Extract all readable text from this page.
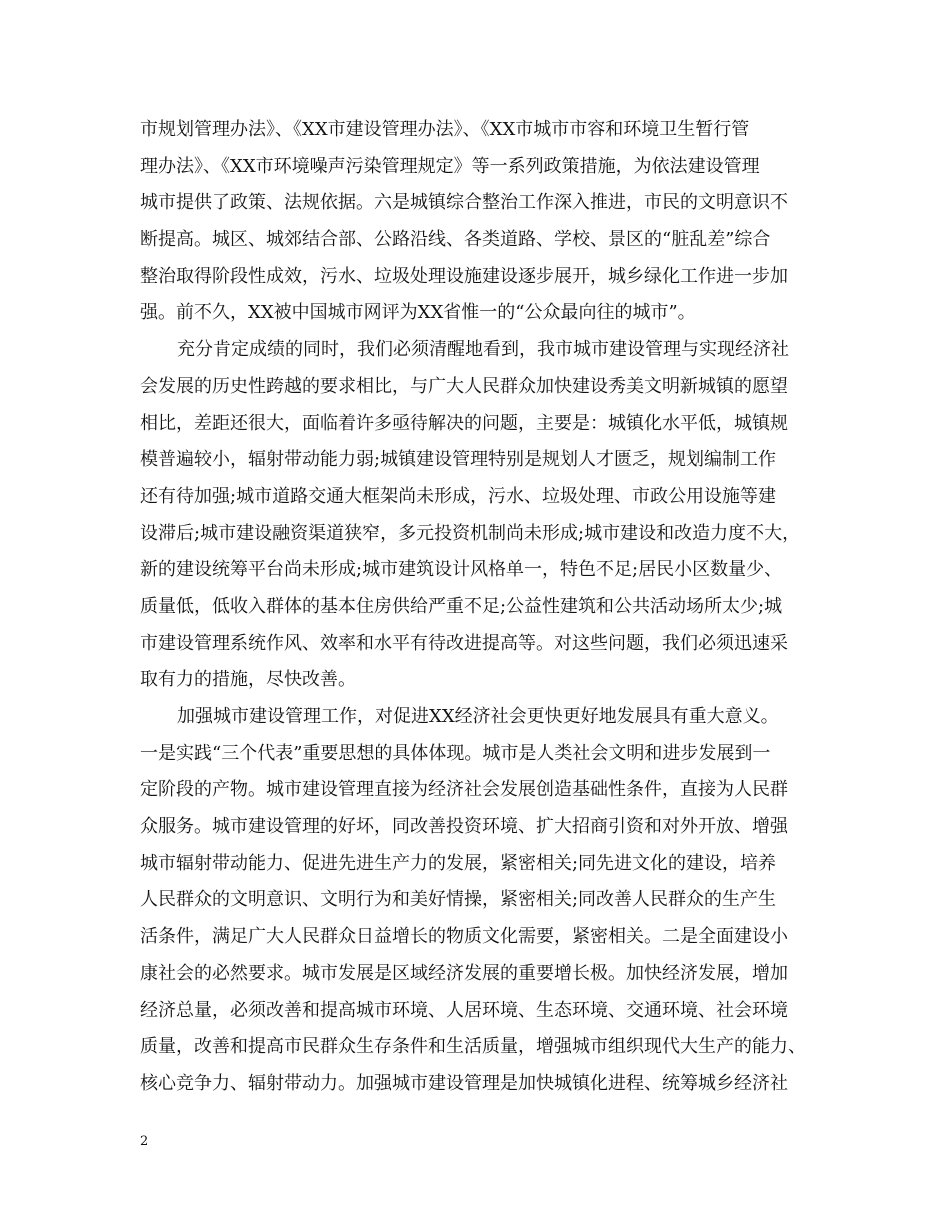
市规划管理办法》、《XX市建设管理办法》、《XX市城市市容和环境卫生暂行管
理办法》、《XX市环境噪声污染管理规定》等一系列政策措施，为依法建设管理
城市提供了政策、法规依据。六是城镇综合整治工作深入推进，市民的文明意识不
断提高。城区、城郊结合部、公路沿线、各类道路、学校、景区的“脏乱差”综合
整治取得阶段性成效，污水、垃圾处理设施建设逐步展开，城乡绿化工作进一步加
强。前不久，XX被中国城市网评为XX省惟一的“公众最向往的城市”。
充分肯定成绩的同时，我们必须清醒地看到，我市城市建设管理与实现经济社
会发展的历史性跨越的要求相比，与广大人民群众加快建设秀美文明新城镇的愿望
相比，差距还很大，面临着许多亟待解决的问题，主要是：城镇化水平低，城镇规
模普遍较小，辐射带动能力弱;城镇建设管理特别是规划人才匮乏，规划编制工作
还有待加强;城市道路交通大框架尚未形成，污水、垃圾处理、市政公用设施等建
设滞后;城市建设融资渠道狭窄，多元投资机制尚未形成;城市建设和改造力度不大，
新的建设统筹平台尚未形成;城市建筑设计风格单一，特色不足;居民小区数量少、
质量低，低收入群体的基本住房供给严重不足;公益性建筑和公共活动场所太少;城
市建设管理系统作风、效率和水平有待改进提高等。对这些问题，我们必须迅速采
取有力的措施，尽快改善。
加强城市建设管理工作，对促进XX经济社会更快更好地发展具有重大意义。
一是实践“三个代表”重要思想的具体体现。城市是人类社会文明和进步发展到一
定阶段的产物。城市建设管理直接为经济社会发展创造基础性条件，直接为人民群
众服务。城市建设管理的好坏，同改善投资环境、扩大招商引资和对外开放、增强
城市辐射带动能力、促进先进生产力的发展，紧密相关;同先进文化的建设，培养
人民群众的文明意识、文明行为和美好情操，紧密相关;同改善人民群众的生产生
活条件，满足广大人民群众日益增长的物质文化需要，紧密相关。二是全面建设小
康社会的必然要求。城市发展是区域经济发展的重要增长极。加快经济发展，增加
经济总量，必须改善和提高城市环境、人居环境、生态环境、交通环境、社会环境
质量，改善和提高市民群众生存条件和生活质量，增强城市组织现代大生产的能力、
核心竞争力、辐射带动力。加强城市建设管理是加快城镇化进程、统筹城乡经济社
2
